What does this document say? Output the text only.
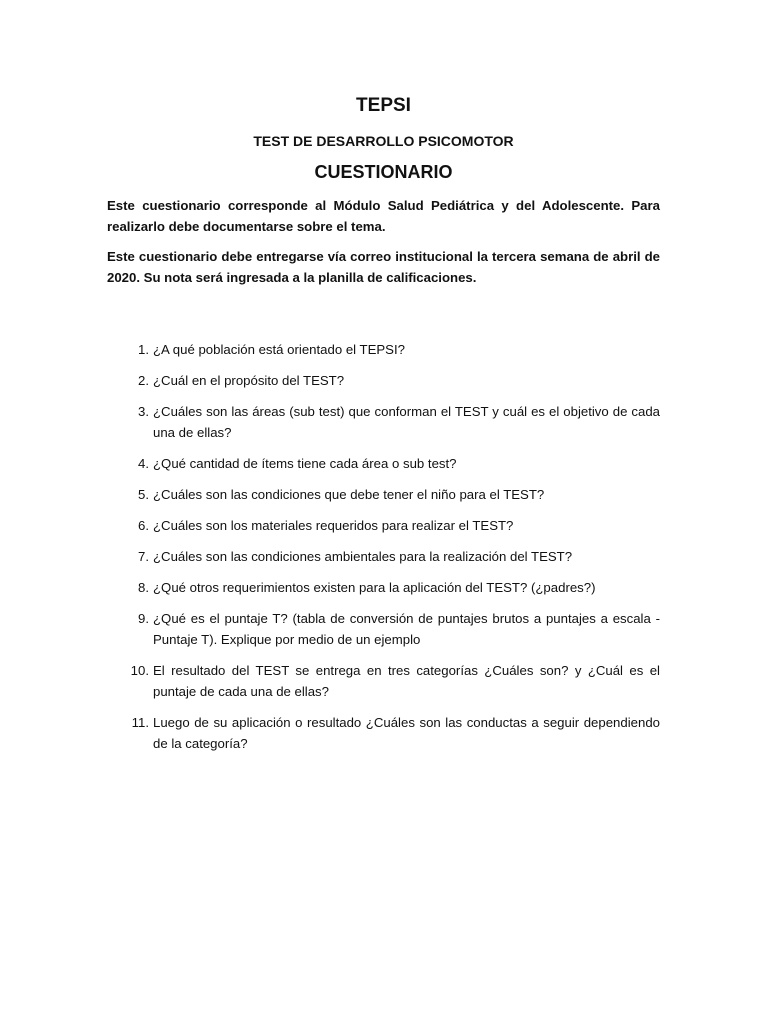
TEPSI
TEST DE DESARROLLO PSICOMOTOR
CUESTIONARIO

Este cuestionario corresponde al Módulo Salud Pediátrica y del Adolescente. Para realizarlo debe documentarse sobre el tema.

Este cuestionario debe entregarse vía correo institucional la tercera semana de abril de 2020. Su nota será ingresada a la planilla de calificaciones.

1. ¿A qué población está orientado el TEPSI?
2. ¿Cuál en el propósito del TEST?
3. ¿Cuáles son las áreas (sub test) que conforman el TEST y cuál es el objetivo de cada una de ellas?
4. ¿Qué cantidad de ítems tiene cada área o sub test?
5. ¿Cuáles son las condiciones que debe tener el niño para el TEST?
6. ¿Cuáles son los materiales requeridos para realizar el TEST?
7. ¿Cuáles son las condiciones ambientales para la realización del TEST?
8. ¿Qué otros requerimientos existen para la aplicación del TEST? (¿padres?)
9. ¿Qué es el puntaje T? (tabla de conversión de puntajes brutos a puntajes a escala - Puntaje T). Explique por medio de un ejemplo
10. El resultado del TEST se entrega en tres categorías ¿Cuáles son? y ¿Cuál es el puntaje de cada una de ellas?
11. Luego de su aplicación o resultado ¿Cuáles son las conductas a seguir dependiendo de la categoría?
